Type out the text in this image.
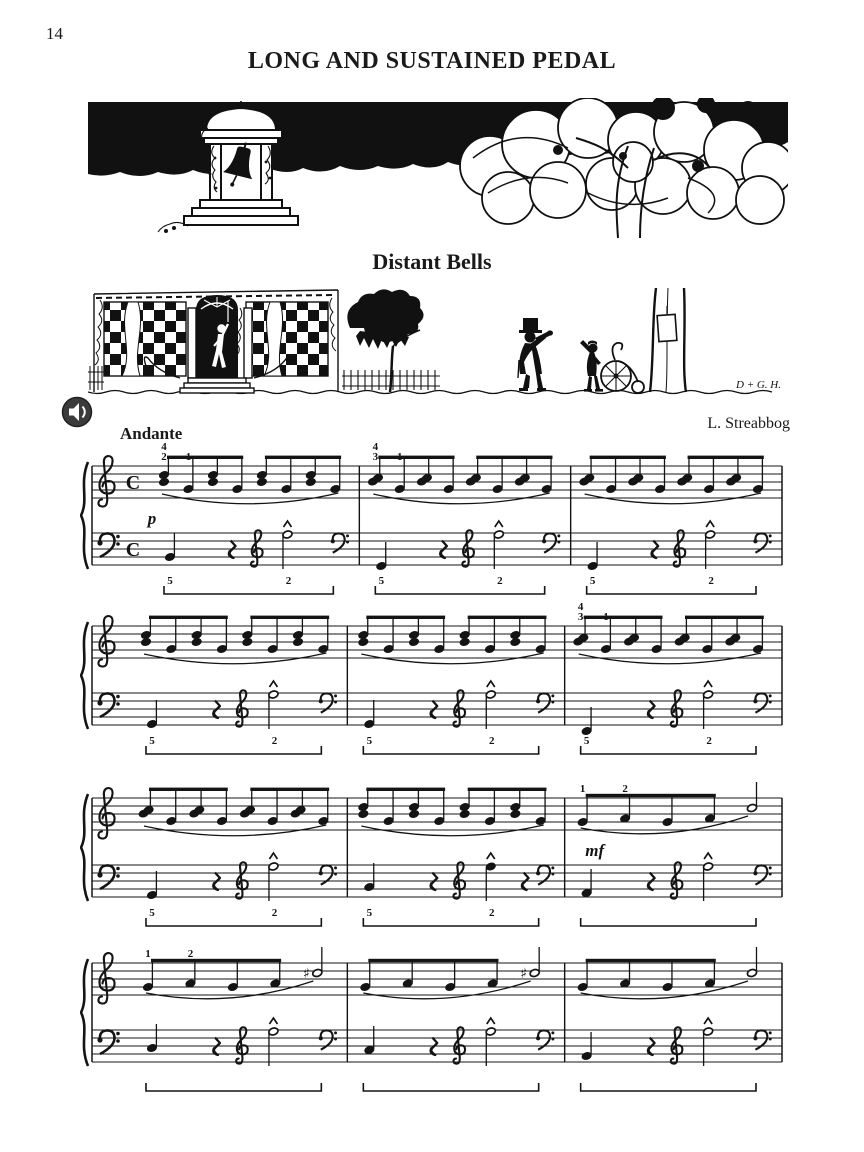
14
LONG AND SUSTAINED PEDAL
Distant Bells
D + G. H.
Andante
L. Streabbog
C
C
4
2 1
p
5	2
4
3 1
5	2	5	2
5	2	5	2
4
3 1
5	2
5	2	5	2
1	2
mf
♯
1	2
♯
